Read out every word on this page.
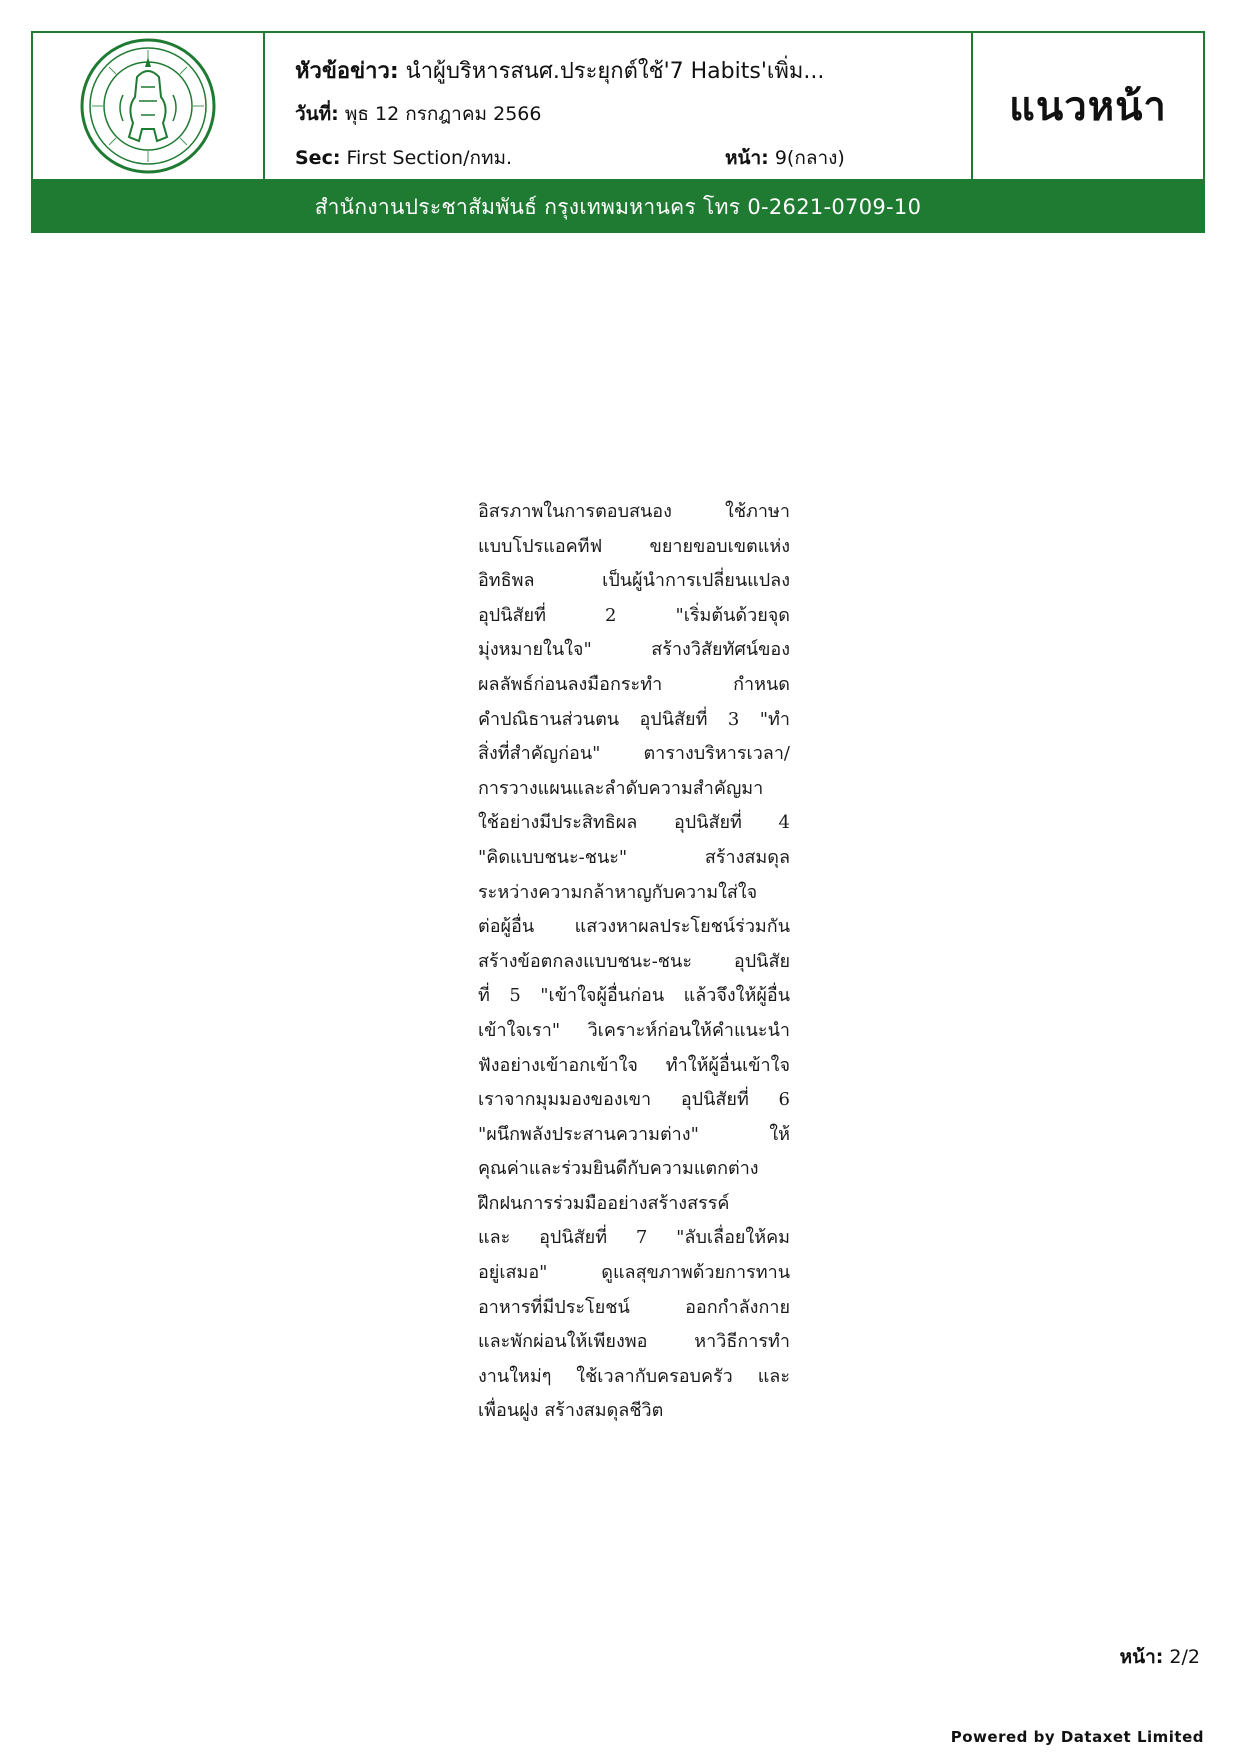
หัวข้อข่าว: นำผู้บริหารสนศ.ประยุกต์ใช้'7 Habits'เพิ่ม...
วันที่: พุธ 12 กรกฎาคม 2566
Sec: First Section/กทม.	หน้า: 9(กลาง)
แนวหน้า
สำนักงานประชาสัมพันธ์ กรุงเทพมหานคร โทร 0-2621-0709-10
อิสรภาพในการตอบสนอง ใช้ภาษา
แบบโปรแอคทีฟ ขยายขอบเขตแห่ง
อิทธิพล เป็นผู้นำการเปลี่ยนแปลง
อุปนิสัยที่ 2 "เริ่มต้นด้วยจุด
มุ่งหมายในใจ" สร้างวิสัยทัศน์ของ
ผลลัพธ์ก่อนลงมือกระทำ กำหนด
คำปณิธานส่วนตน อุปนิสัยที่ 3 "ทำ
สิ่งที่สำคัญก่อน" ตารางบริหารเวลา/
การวางแผนและลำดับความสำคัญมา
ใช้อย่างมีประสิทธิผล อุปนิสัยที่ 4
"คิดแบบชนะ-ชนะ" สร้างสมดุล
ระหว่างความกล้าหาญกับความใส่ใจ
ต่อผู้อื่น แสวงหาผลประโยชน์ร่วมกัน
สร้างข้อตกลงแบบชนะ-ชนะ อุปนิสัย
ที่ 5 "เข้าใจผู้อื่นก่อน แล้วจึงให้ผู้อื่น
เข้าใจเรา" วิเคราะห์ก่อนให้คำแนะนำ
ฟังอย่างเข้าอกเข้าใจ ทำให้ผู้อื่นเข้าใจ
เราจากมุมมองของเขา อุปนิสัยที่ 6
"ผนึกพลังประสานความต่าง" ให้
คุณค่าและร่วมยินดีกับความแตกต่าง
ฝึกฝนการร่วมมืออย่างสร้างสรรค์
และ อุปนิสัยที่ 7 "ลับเลื่อยให้คม
อยู่เสมอ" ดูแลสุขภาพด้วยการทาน
อาหารที่มีประโยชน์ ออกกำลังกาย
และพักผ่อนให้เพียงพอ หาวิธีการทำ
งานใหม่ๆ ใช้เวลากับครอบครัว และ
เพื่อนฝูง สร้างสมดุลชีวิต
หน้า: 2/2
Powered by Dataxet Limited
